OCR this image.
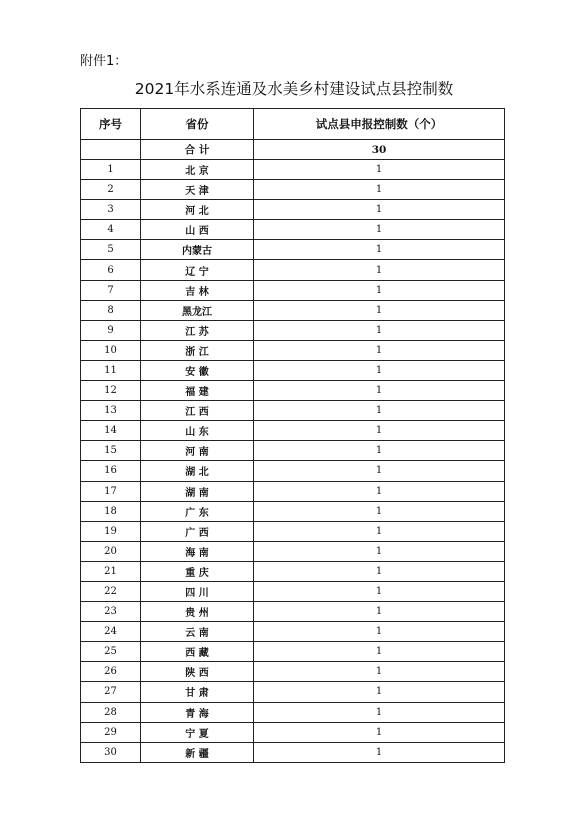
附件1：
2021年水系连通及水美乡村建设试点县控制数
序号	省份	试点县申报控制数（个）
	合 计	30
1	北 京	1
2	天 津	1
3	河 北	1
4	山 西	1
5	内蒙古	1
6	辽 宁	1
7	吉 林	1
8	黑龙江	1
9	江 苏	1
10	浙 江	1
11	安 徽	1
12	福 建	1
13	江 西	1
14	山 东	1
15	河 南	1
16	湖 北	1
17	湖 南	1
18	广 东	1
19	广 西	1
20	海 南	1
21	重 庆	1
22	四 川	1
23	贵 州	1
24	云 南	1
25	西 藏	1
26	陕 西	1
27	甘 肃	1
28	青 海	1
29	宁 夏	1
30	新 疆	1
